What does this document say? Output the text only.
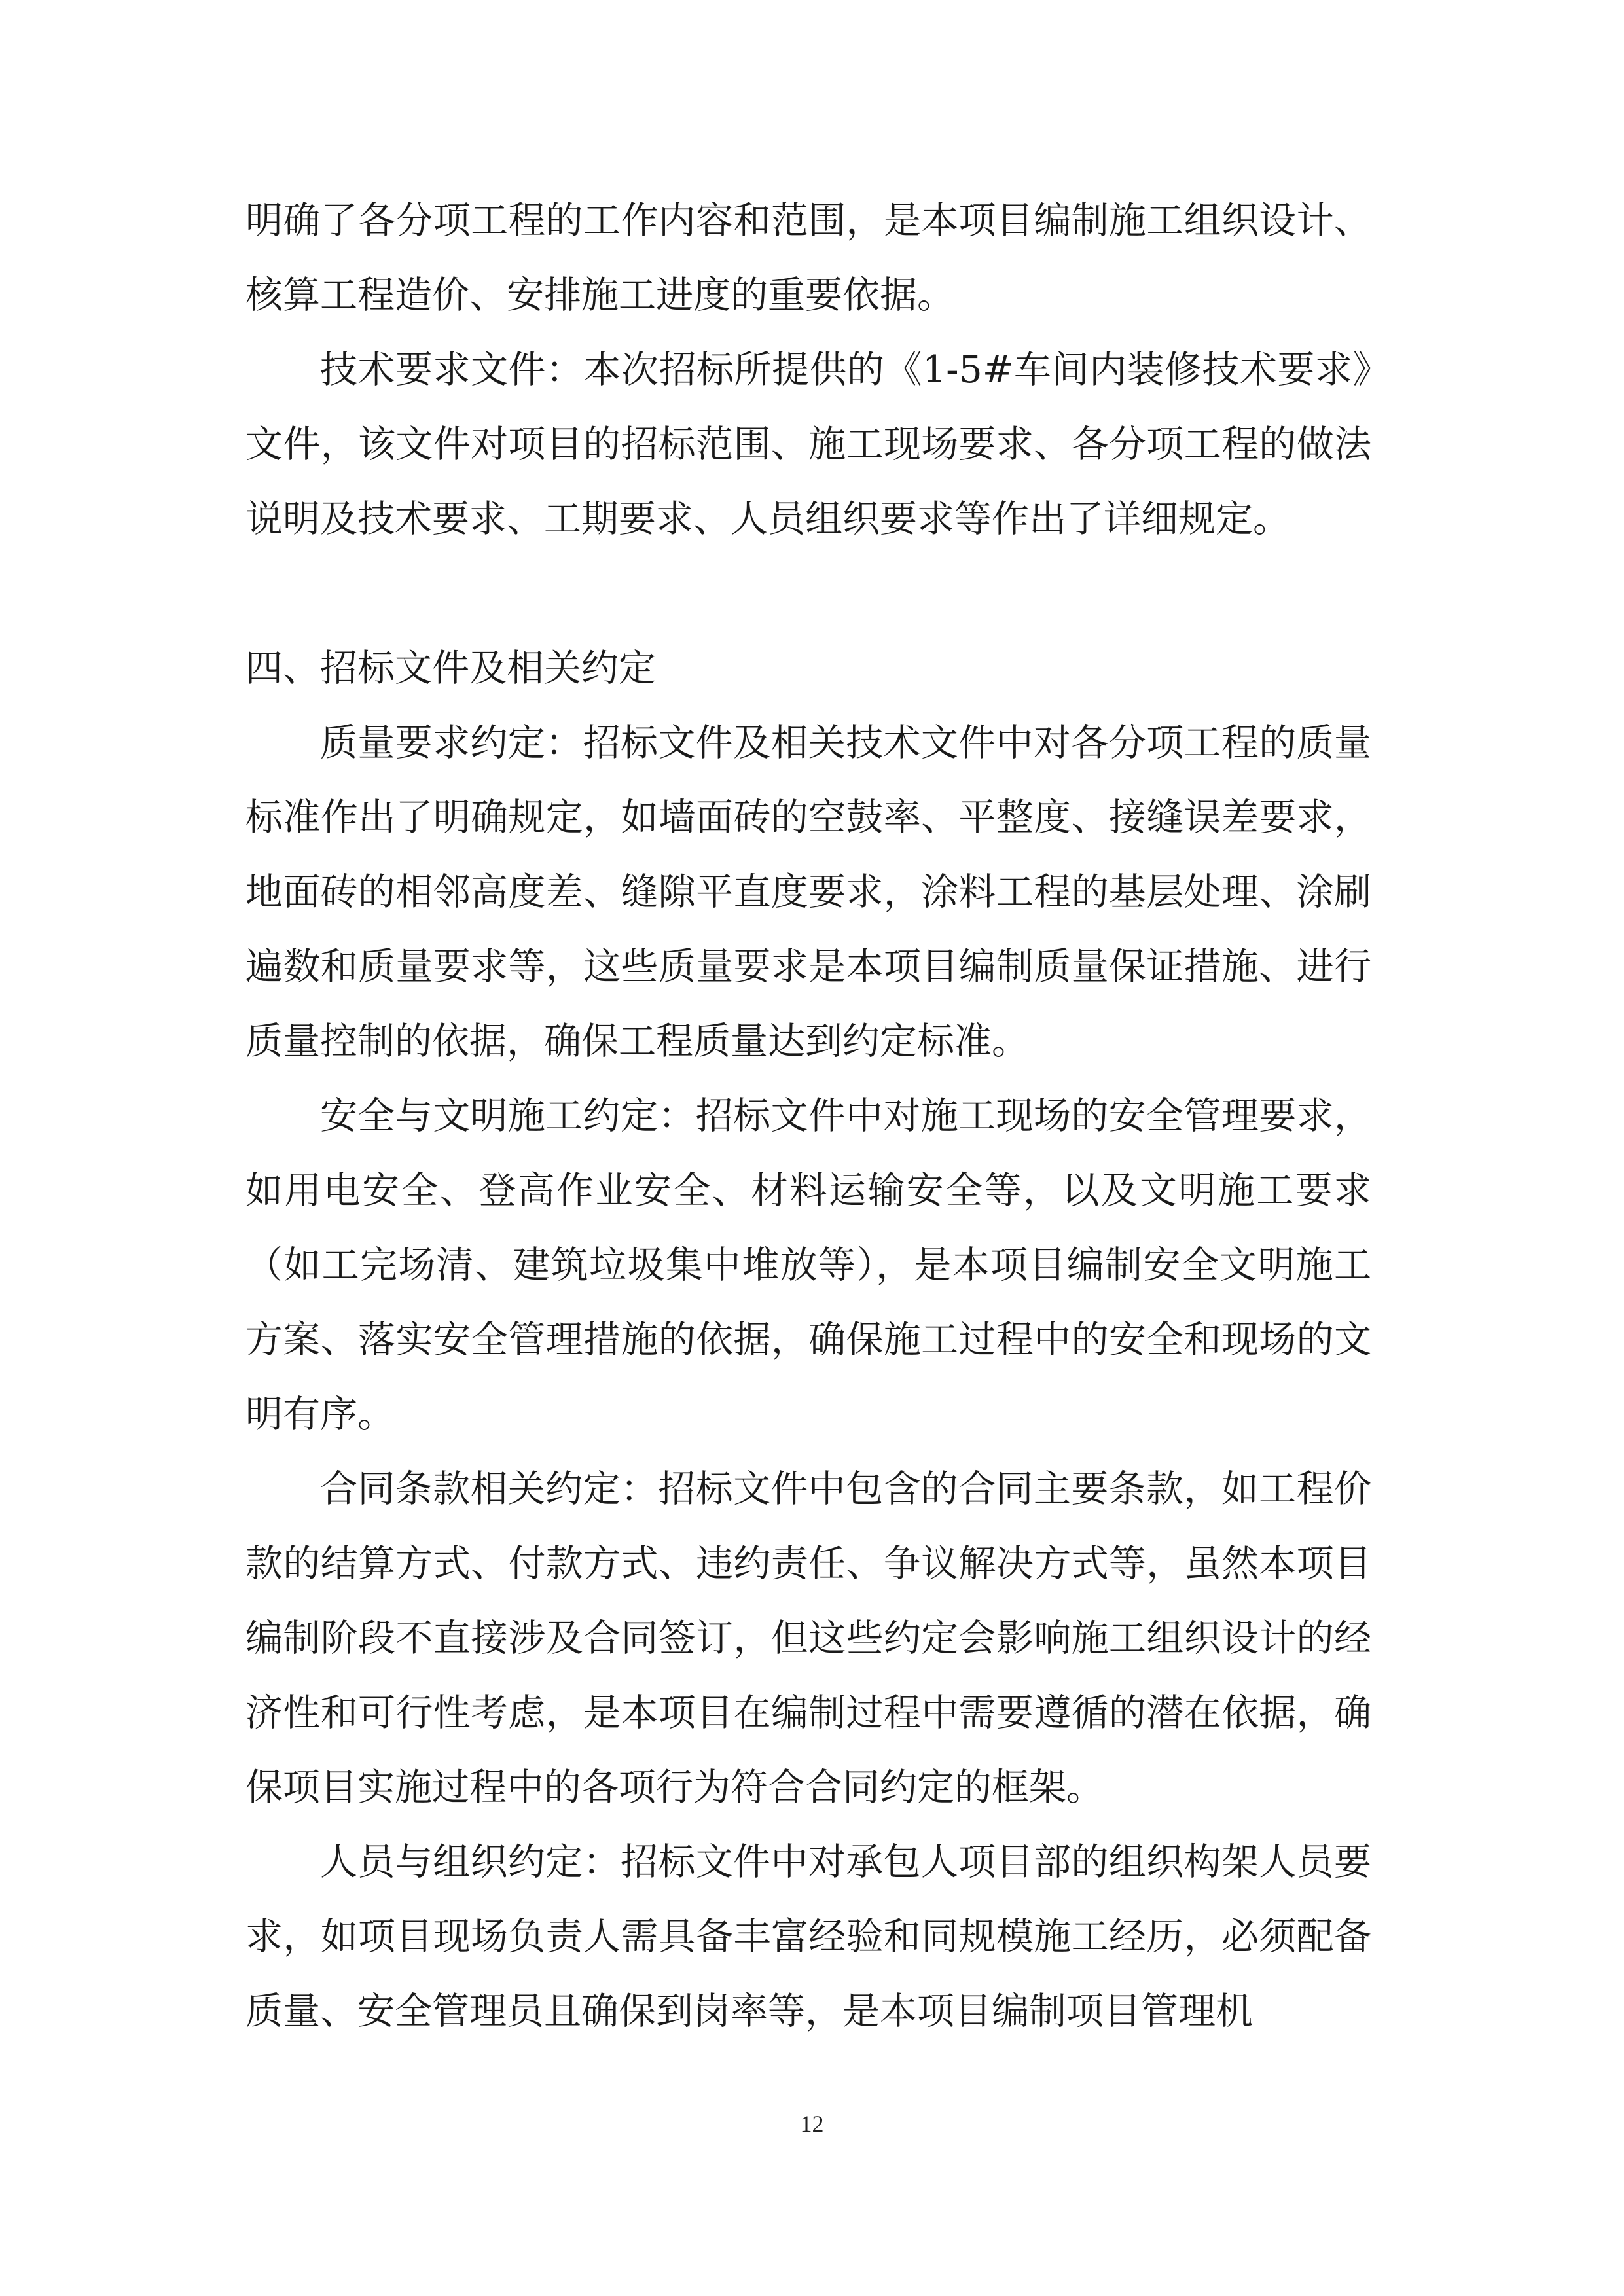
明确了各分项工程的工作内容和范围，是本项目编制施工组织设计、核算工程造价、安排施工进度的重要依据。

技术要求文件：本次招标所提供的《1-5#车间内装修技术要求》文件，该文件对项目的招标范围、施工现场要求、各分项工程的做法说明及技术要求、工期要求、人员组织要求等作出了详细规定。

四、招标文件及相关约定

质量要求约定：招标文件及相关技术文件中对各分项工程的质量标准作出了明确规定，如墙面砖的空鼓率、平整度、接缝误差要求，地面砖的相邻高度差、缝隙平直度要求，涂料工程的基层处理、涂刷遍数和质量要求等，这些质量要求是本项目编制质量保证措施、进行质量控制的依据，确保工程质量达到约定标准。

安全与文明施工约定：招标文件中对施工现场的安全管理要求，如用电安全、登高作业安全、材料运输安全等，以及文明施工要求（如工完场清、建筑垃圾集中堆放等），是本项目编制安全文明施工方案、落实安全管理措施的依据，确保施工过程中的安全和现场的文明有序。

合同条款相关约定：招标文件中包含的合同主要条款，如工程价款的结算方式、付款方式、违约责任、争议解决方式等，虽然本项目编制阶段不直接涉及合同签订，但这些约定会影响施工组织设计的经济性和可行性考虑，是本项目在编制过程中需要遵循的潜在依据，确保项目实施过程中的各项行为符合合同约定的框架。

人员与组织约定：招标文件中对承包人项目部的组织构架人员要求，如项目现场负责人需具备丰富经验和同规模施工经历，必须配备质量、安全管理员且确保到岗率等，是本项目编制项目管理机

12
